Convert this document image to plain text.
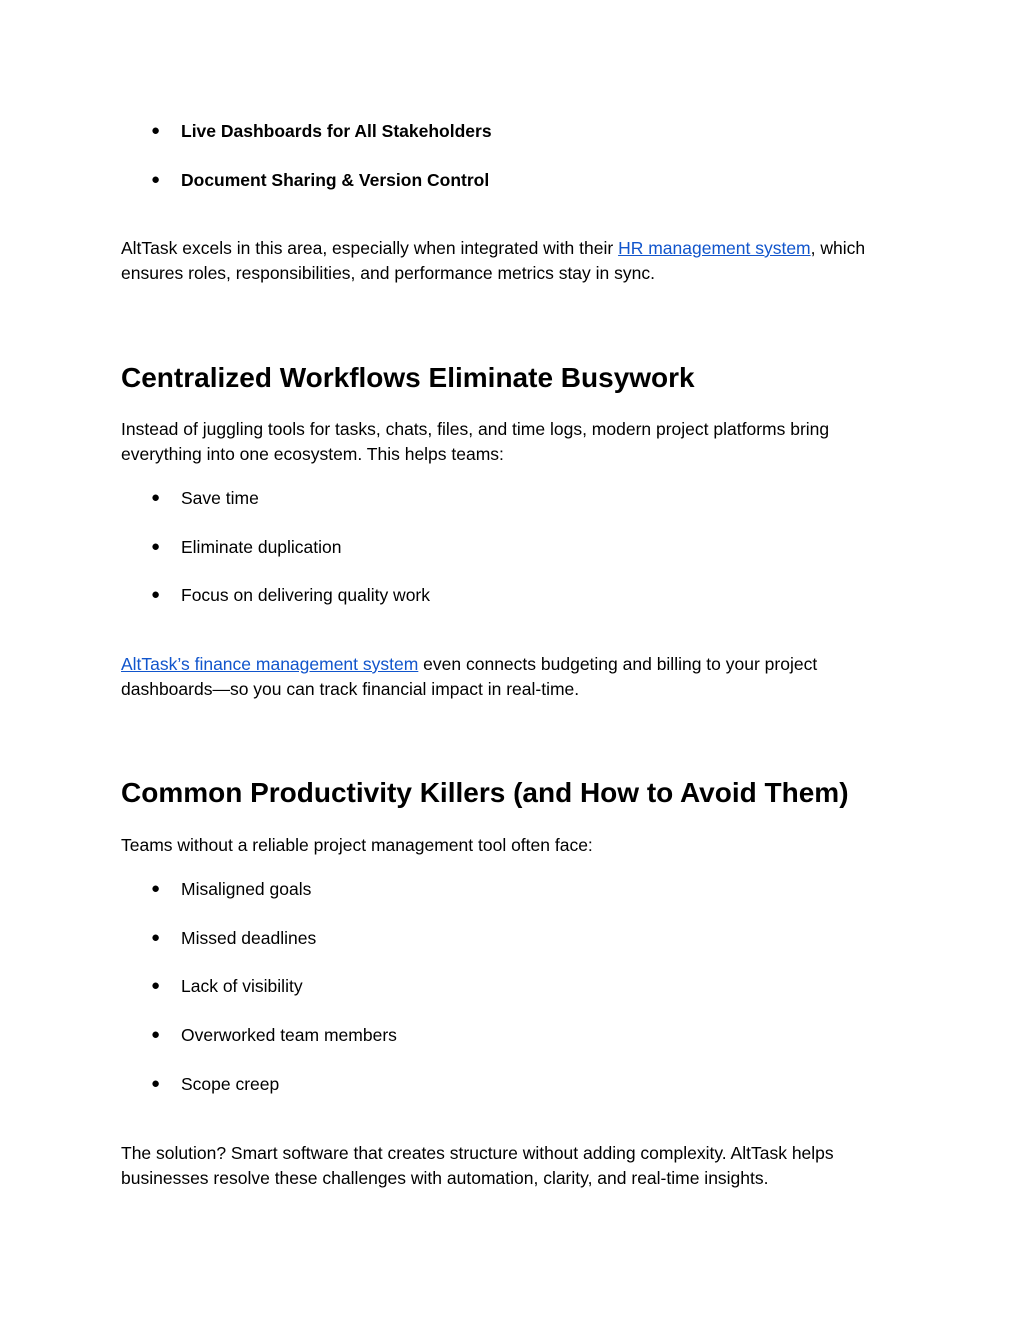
● Live Dashboards for All Stakeholders
● Document Sharing & Version Control

AltTask excels in this area, especially when integrated with their HR management system, which
ensures roles, responsibilities, and performance metrics stay in sync.

Centralized Workflows Eliminate Busywork

Instead of juggling tools for tasks, chats, files, and time logs, modern project platforms bring
everything into one ecosystem. This helps teams:

● Save time
● Eliminate duplication
● Focus on delivering quality work

AltTask’s finance management system even connects budgeting and billing to your project
dashboards—so you can track financial impact in real-time.

Common Productivity Killers (and How to Avoid Them)

Teams without a reliable project management tool often face:

● Misaligned goals
● Missed deadlines
● Lack of visibility
● Overworked team members
● Scope creep

The solution? Smart software that creates structure without adding complexity. AltTask helps
businesses resolve these challenges with automation, clarity, and real-time insights.
